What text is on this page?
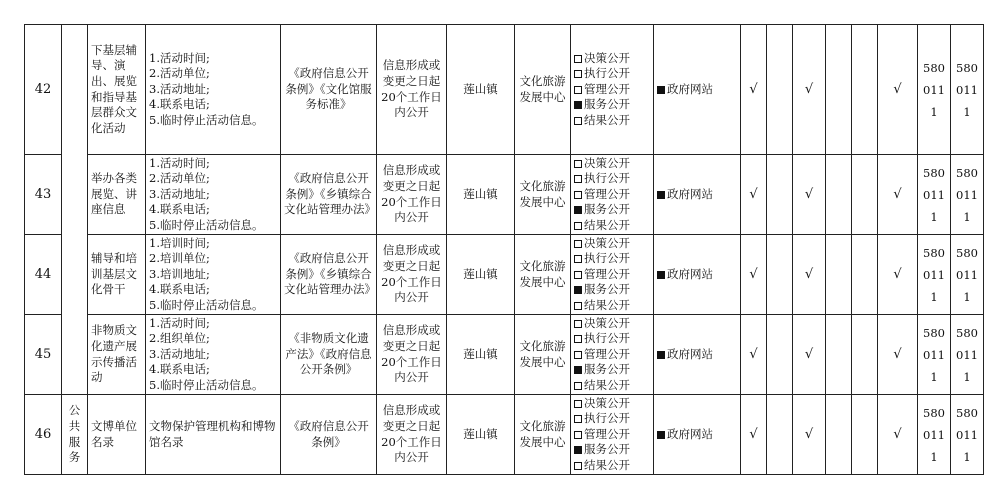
42		下基层辅导、演出、展览和指导基层群众文化活动	1.活动时间;
2.活动单位;
3.活动地址;
4.联系电话;
5.临时停止活动信息。	《政府信息公开条例》《文化馆服务标准》	信息形成或变更之日起20个工作日内公开	莲山镇	文化旅游发展中心	决策公开
执行公开
管理公开
服务公开
结果公开	政府网站	√		√			√	580
011
1	580
011
1

43		举办各类展览、讲座信息	1.活动时间;
2.活动单位;
3.活动地址;
4.联系电话;
5.临时停止活动信息。	《政府信息公开条例》《乡镇综合文化站管理办法》	信息形成或变更之日起20个工作日内公开	莲山镇	文化旅游发展中心	决策公开
执行公开
管理公开
服务公开
结果公开	政府网站	√		√			√	580
011
1	580
011
1

44		辅导和培训基层文化骨干	1.培训时间;
2.培训单位;
3.培训地址;
4.联系电话;
5.临时停止活动信息。	《政府信息公开条例》《乡镇综合文化站管理办法》	信息形成或变更之日起20个工作日内公开	莲山镇	文化旅游发展中心	决策公开
执行公开
管理公开
服务公开
结果公开	政府网站	√		√			√	580
011
1	580
011
1

45		非物质文化遗产展示传播活动	1.活动时间;
2.组织单位;
3.活动地址;
4.联系电话;
5.临时停止活动信息。	《非物质文化遗产法》《政府信息公开条例》	信息形成或变更之日起20个工作日内公开	莲山镇	文化旅游发展中心	决策公开
执行公开
管理公开
服务公开
结果公开	政府网站	√		√			√	580
011
1	580
011
1

46	公
共
服
务	文博单位名录	文物保护管理机构和博物馆名录	《政府信息公开条例》	信息形成或变更之日起20个工作日内公开	莲山镇	文化旅游发展中心	决策公开
执行公开
管理公开
服务公开
结果公开	政府网站	√		√			√	580
011
1	580
011
1
